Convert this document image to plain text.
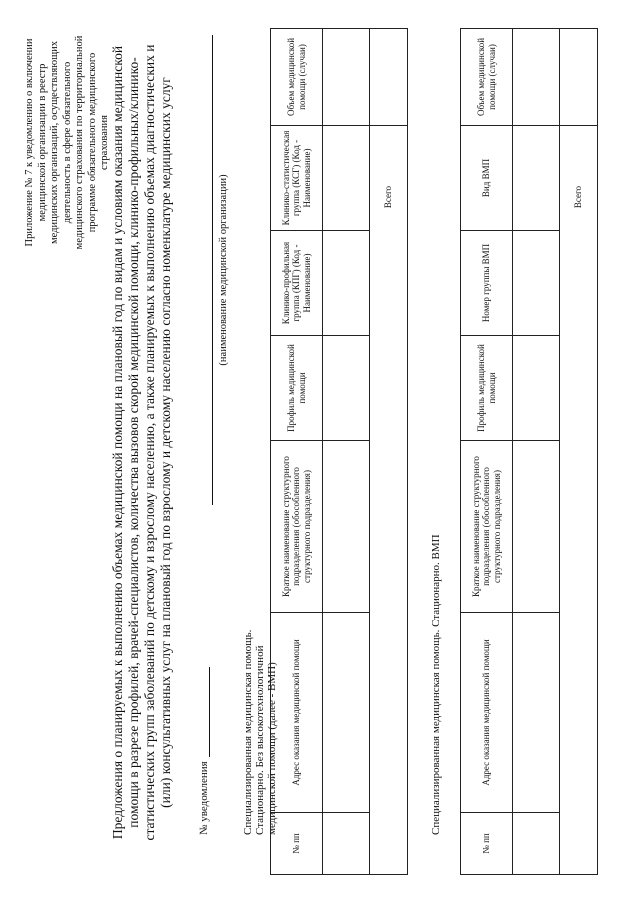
Приложение № 7 к уведомлению о включении медицинской организации в реестр медицинских организаций, осуществляющих деятельность в сфере обязательного медицинского страхования по территориальной программе обязательного медицинского страхования Предложения о планируемых к выполнению объемах медицинской помощи на плановый год по видам и условиям оказания медицинской помощи в разрезе профилей, врачей-специалистов, количества вызовов скорой медицинской помощи, клинико-профильных/клинико-статистических групп заболеваний по детскому и взрослому населению, а также планируемых к выполнению объемах диагностических и (или) консультативных услуг на плановый год по взрослому и детскому населению согласно номенклатуре медицинских услуг № уведомления
(наименование медицинской организации)
Специализированная медицинская помощь. Стационарно. Без высокотехнологичной медицинской помощи (далее - ВМП)
№ пп	Адрес оказания медицинской помощи	Краткое наименование структурного подразделения (обособленного структурного подразделения)	Профиль медицинской помощи	Клинико-профильная группа (КПГ) (Код - Наименование)	Клинико-статистическая группа (КСГ) (Код - Наименование)	Объем медицинской помощи (случаи)

Всего						
Специализированная медицинская помощь. Стационарно. ВМП
№ пп	Адрес оказания медицинской помощи	Краткое наименование структурного подразделения (обособленного структурного подразделения)	Профиль медицинской помощи	Номер группы ВМП	Вид ВМП	Объем медицинской помощи (случаи)

Всего						
